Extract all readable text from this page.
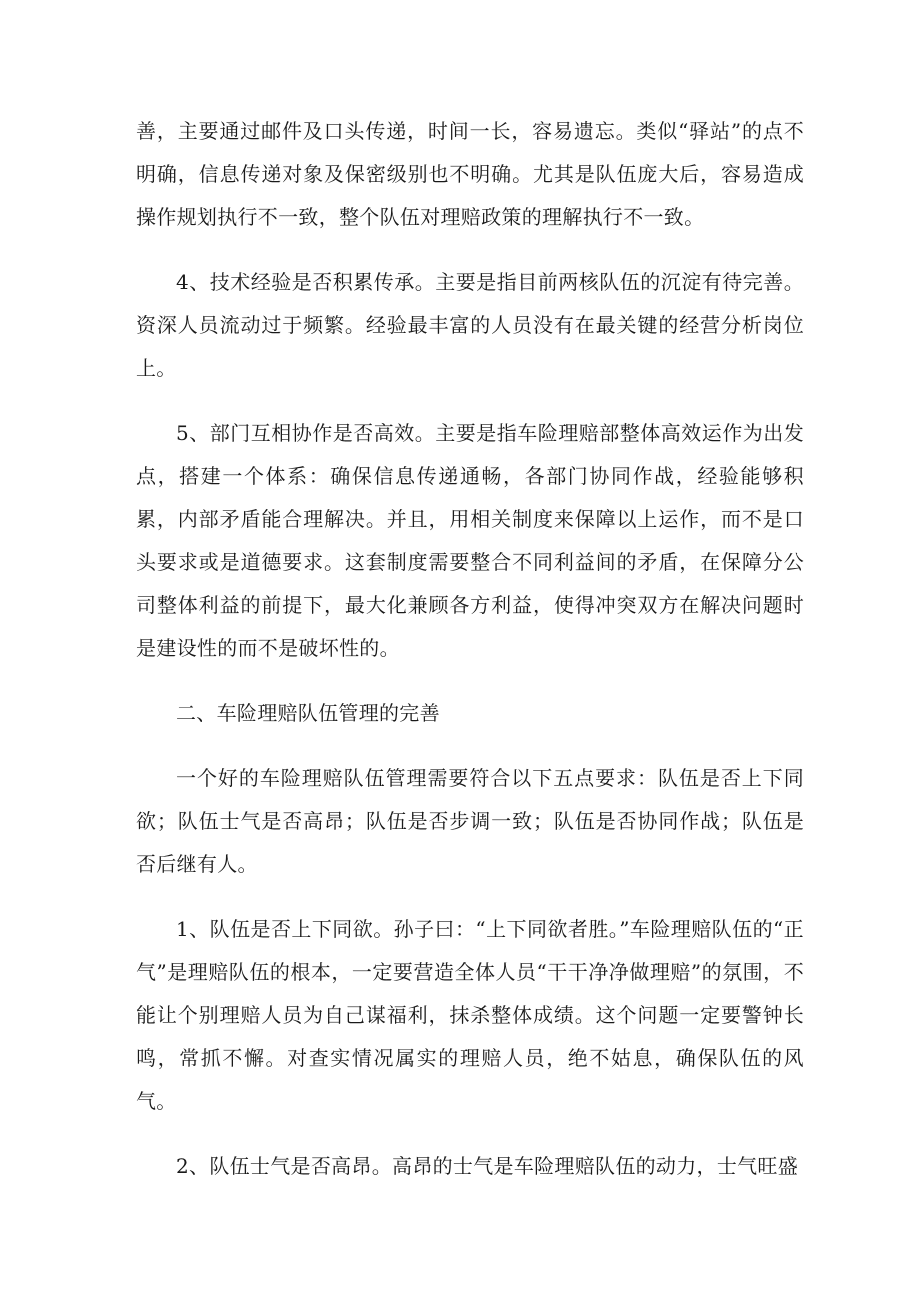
善，主要通过邮件及口头传递，时间一长，容易遗忘。类似“驿站”的点不明确，信息传递对象及保密级别也不明确。尤其是队伍庞大后，容易造成操作规划执行不一致，整个队伍对理赔政策的理解执行不一致。

4、技术经验是否积累传承。主要是指目前两核队伍的沉淀有待完善。资深人员流动过于频繁。经验最丰富的人员没有在最关键的经营分析岗位上。

5、部门互相协作是否高效。主要是指车险理赔部整体高效运作为出发点，搭建一个体系：确保信息传递通畅，各部门协同作战，经验能够积累，内部矛盾能合理解决。并且，用相关制度来保障以上运作，而不是口头要求或是道德要求。这套制度需要整合不同利益间的矛盾，在保障分公司整体利益的前提下，最大化兼顾各方利益，使得冲突双方在解决问题时是建设性的而不是破坏性的。

二、车险理赔队伍管理的完善

一个好的车险理赔队伍管理需要符合以下五点要求：队伍是否上下同欲；队伍士气是否高昂；队伍是否步调一致；队伍是否协同作战；队伍是否后继有人。

1、队伍是否上下同欲。孙子曰：“上下同欲者胜。”车险理赔队伍的“正气”是理赔队伍的根本，一定要营造全体人员“干干净净做理赔”的氛围，不能让个别理赔人员为自己谋福利，抹杀整体成绩。这个问题一定要警钟长鸣，常抓不懈。对查实情况属实的理赔人员，绝不姑息，确保队伍的风气。

2、队伍士气是否高昂。高昂的士气是车险理赔队伍的动力，士气旺盛
